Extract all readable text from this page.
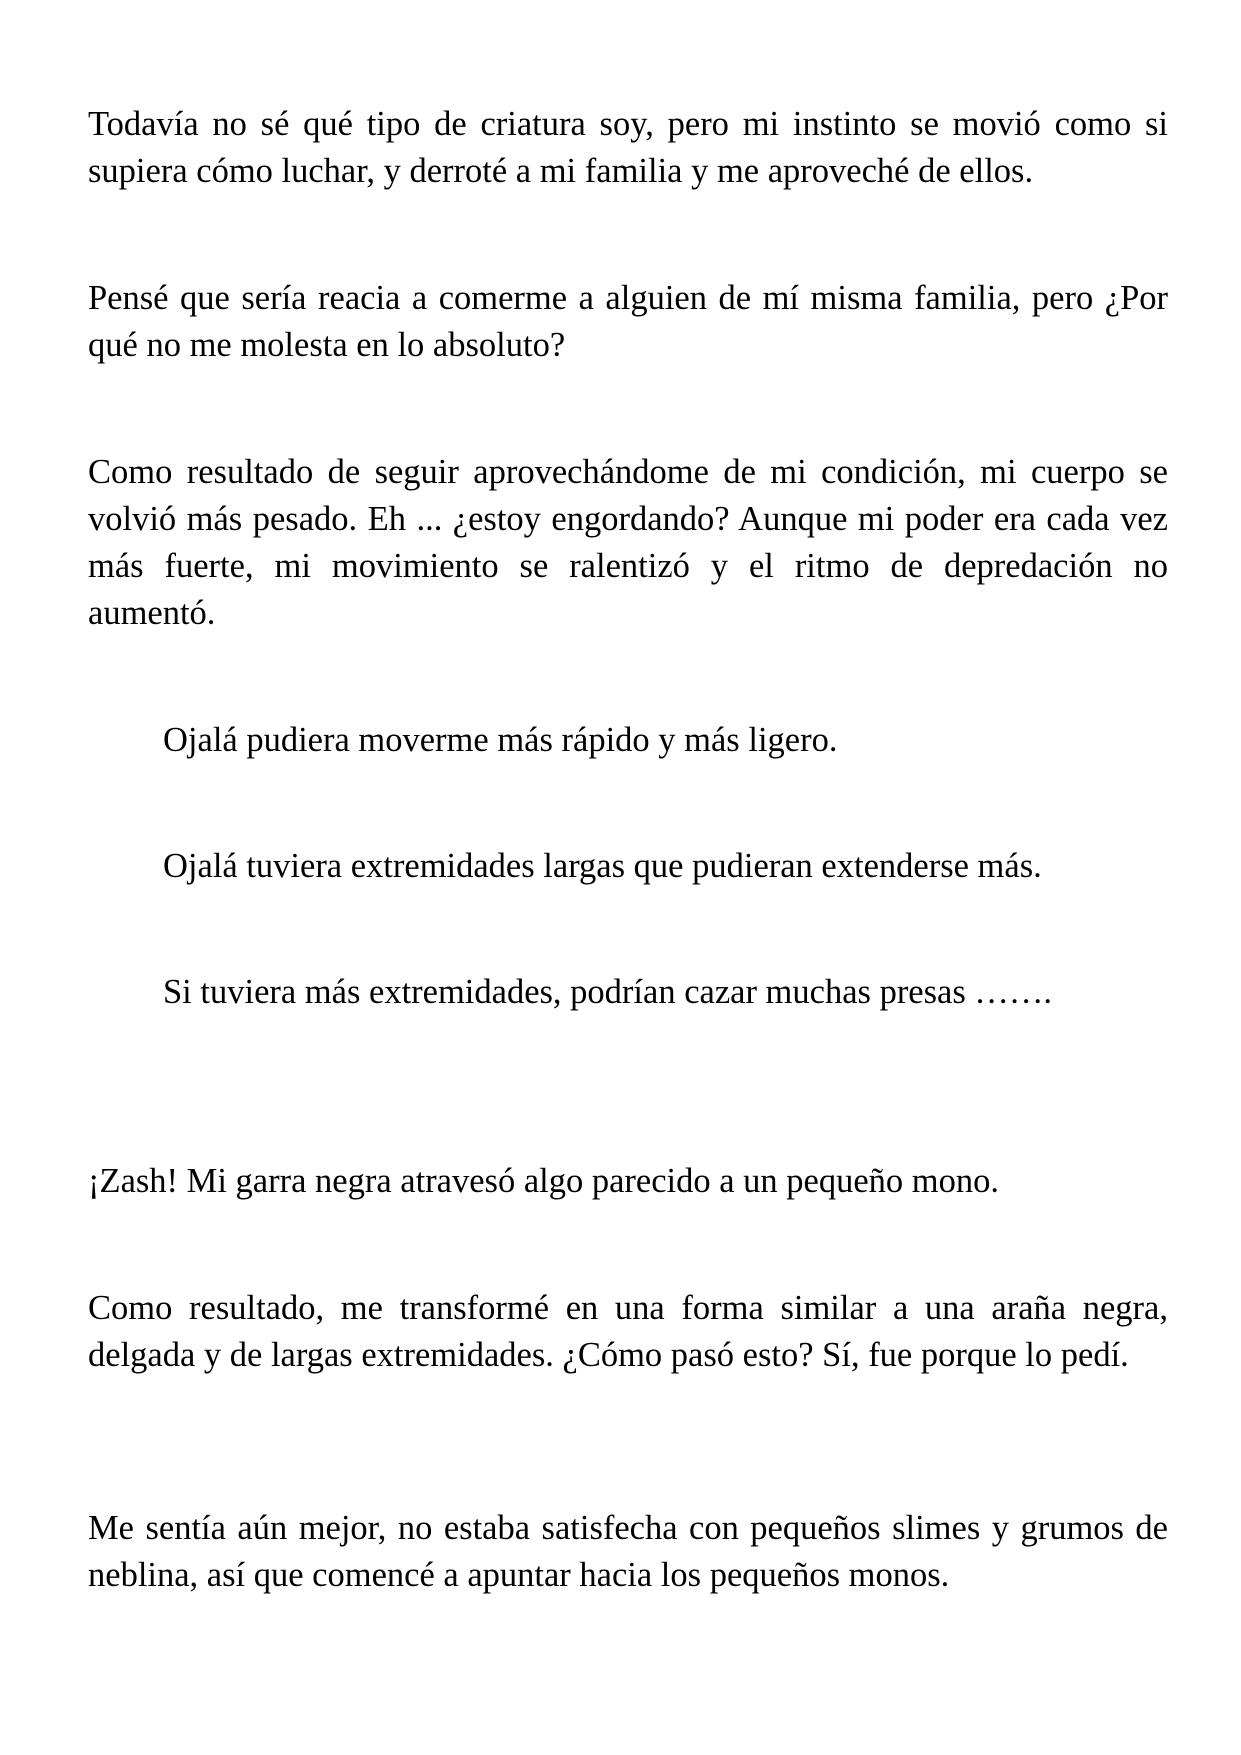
Todavía no sé qué tipo de criatura soy, pero mi instinto se movió como si supiera cómo luchar, y derroté a mi familia y me aproveché de ellos.

Pensé que sería reacia a comerme a alguien de mí misma familia, pero ¿Por qué no me molesta en lo absoluto?

Como resultado de seguir aprovechándome de mi condición, mi cuerpo se volvió más pesado. Eh ... ¿estoy engordando? Aunque mi poder era cada vez más fuerte, mi movimiento se ralentizó y el ritmo de depredación no aumentó.

Ojalá pudiera moverme más rápido y más ligero.

Ojalá tuviera extremidades largas que pudieran extenderse más.

Si tuviera más extremidades, podrían cazar muchas presas …….

¡Zash! Mi garra negra atravesó algo parecido a un pequeño mono.

Como resultado, me transformé en una forma similar a una araña negra, delgada y de largas extremidades. ¿Cómo pasó esto? Sí, fue porque lo pedí.

Me sentía aún mejor, no estaba satisfecha con pequeños slimes y grumos de neblina, así que comencé a apuntar hacia los pequeños monos.
